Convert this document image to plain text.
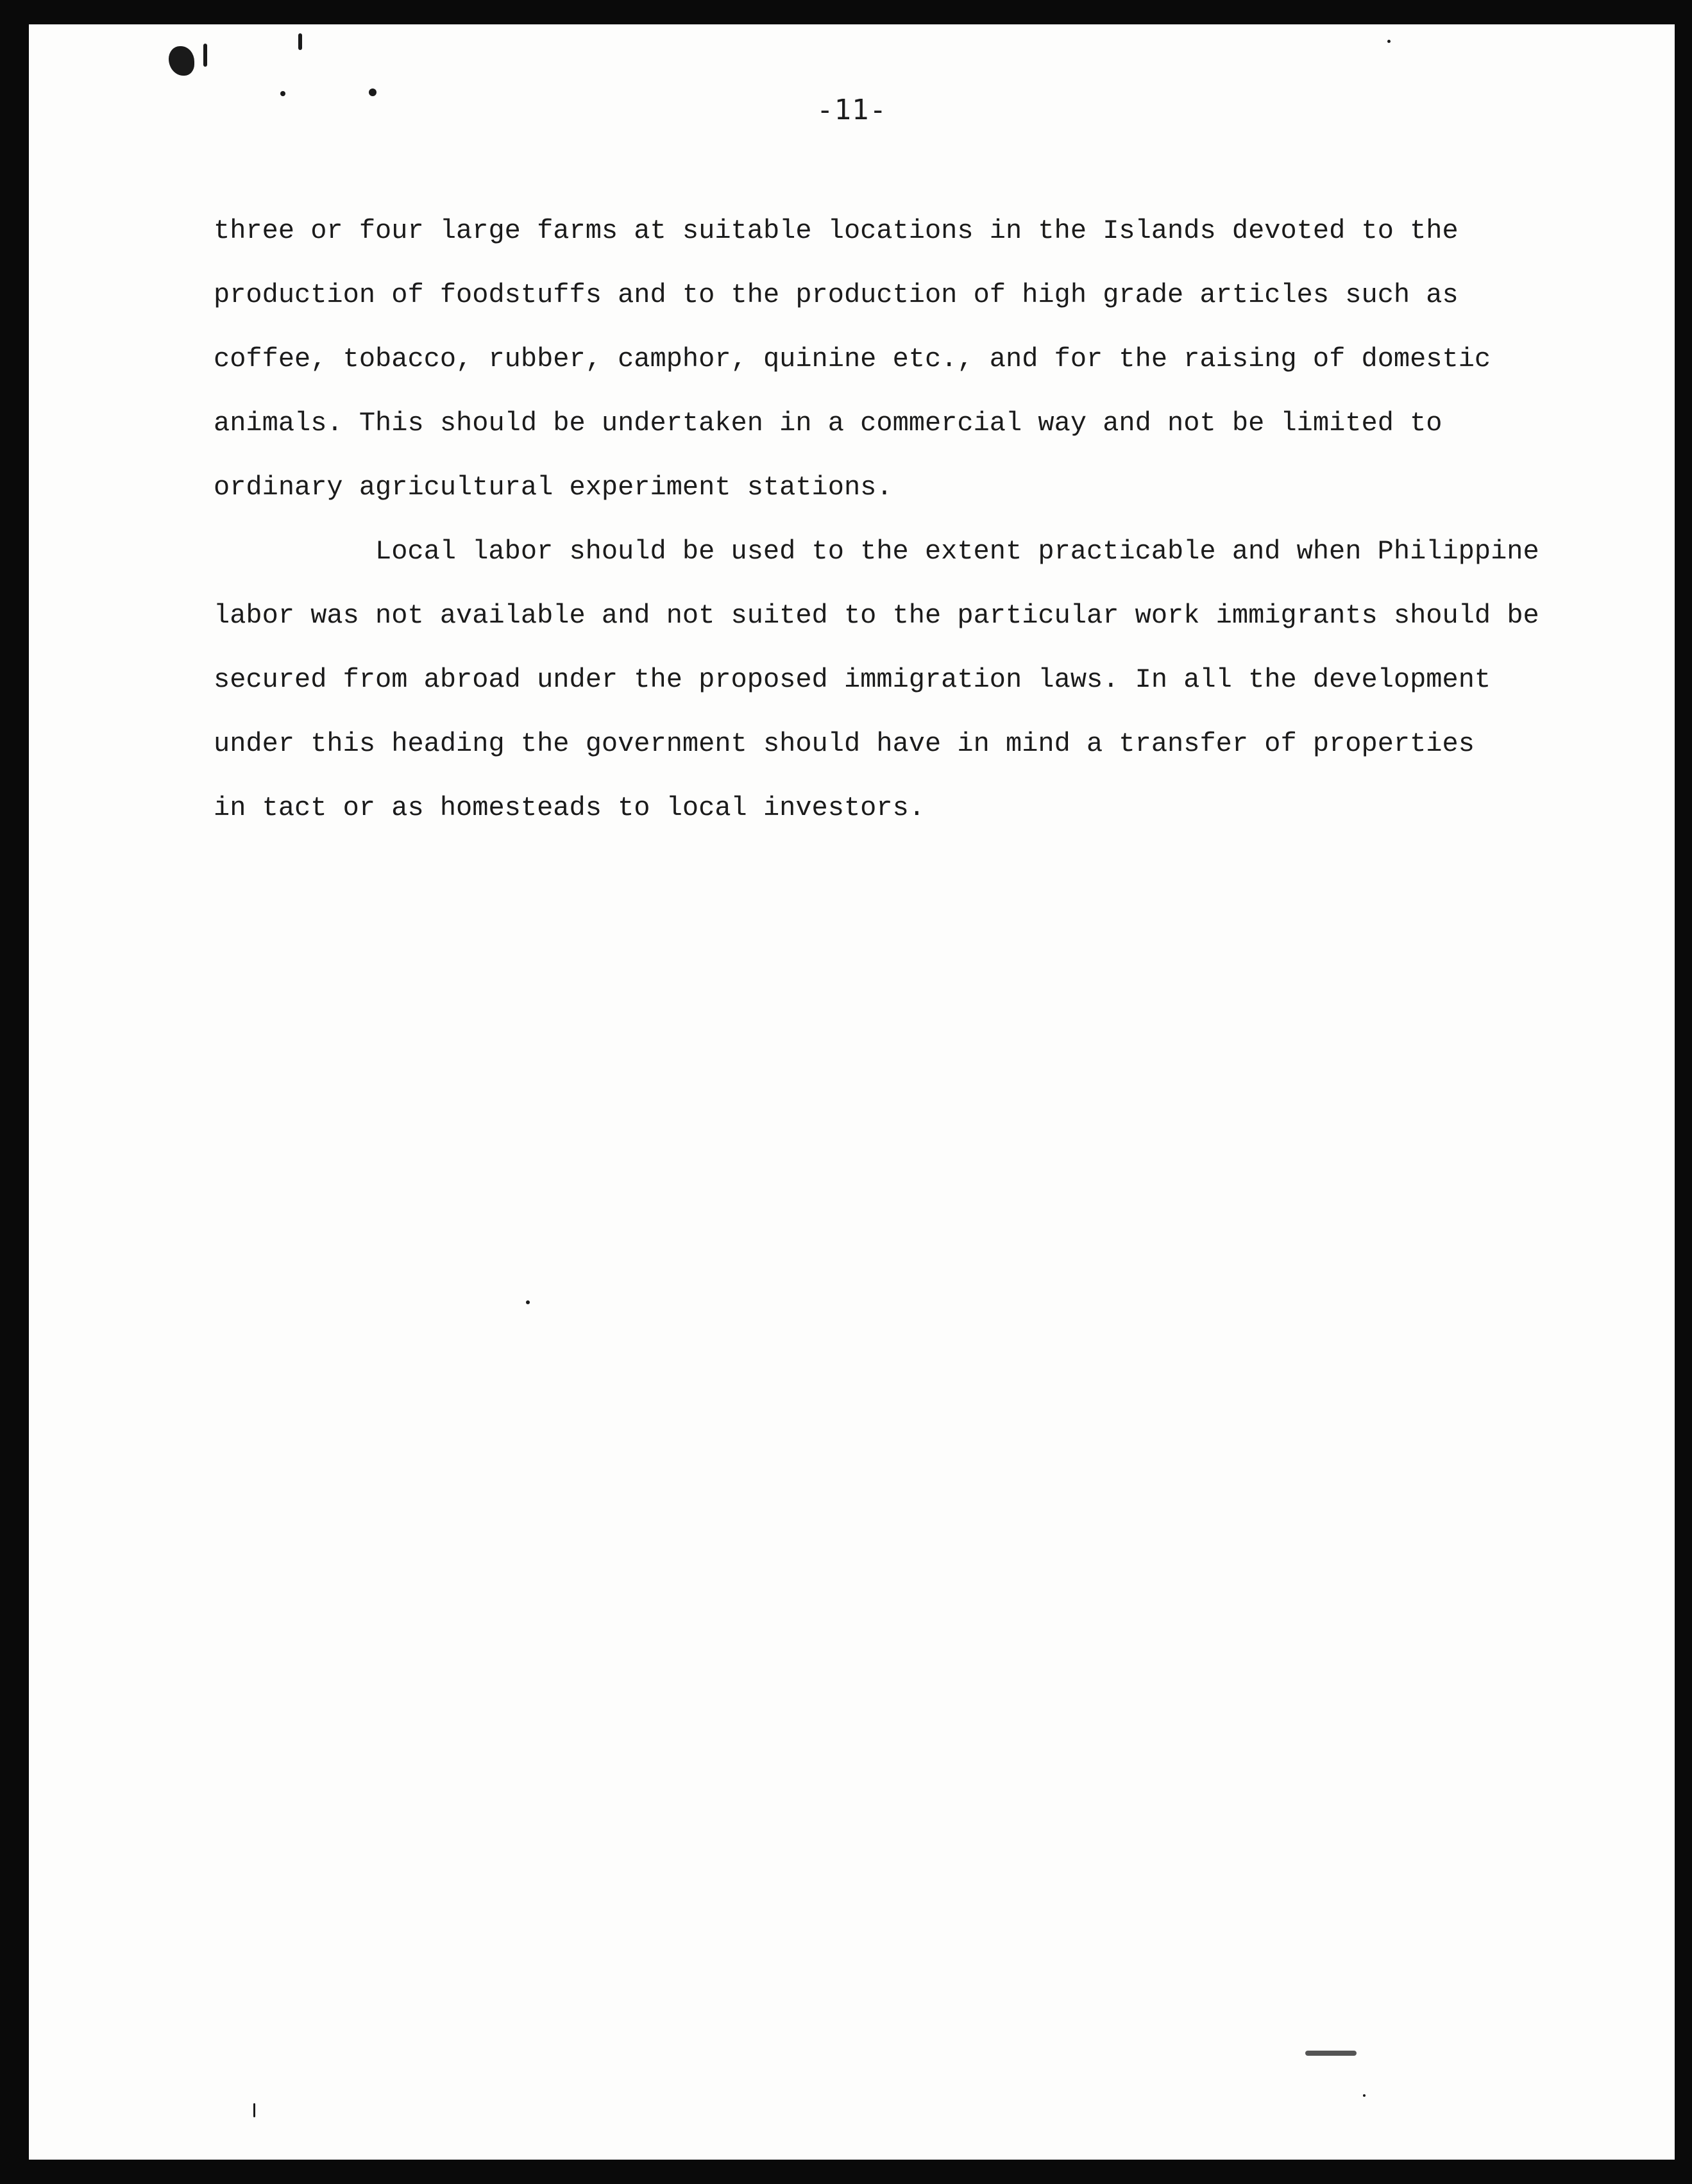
-11-
three or four large farms at suitable locations in the Islands devoted to the
production of foodstuffs and to the production of high grade articles such as
coffee, tobacco, rubber, camphor, quinine etc., and for the raising of domestic
animals. This should be undertaken in a commercial way and not be limited to
ordinary agricultural experiment stations.
Local labor should be used to the extent practicable and when Philippine
labor was not available and not suited to the particular work immigrants should be
secured from abroad under the proposed immigration laws. In all the development
under this heading the government should have in mind a transfer of properties
in tact or as homesteads to local investors.
